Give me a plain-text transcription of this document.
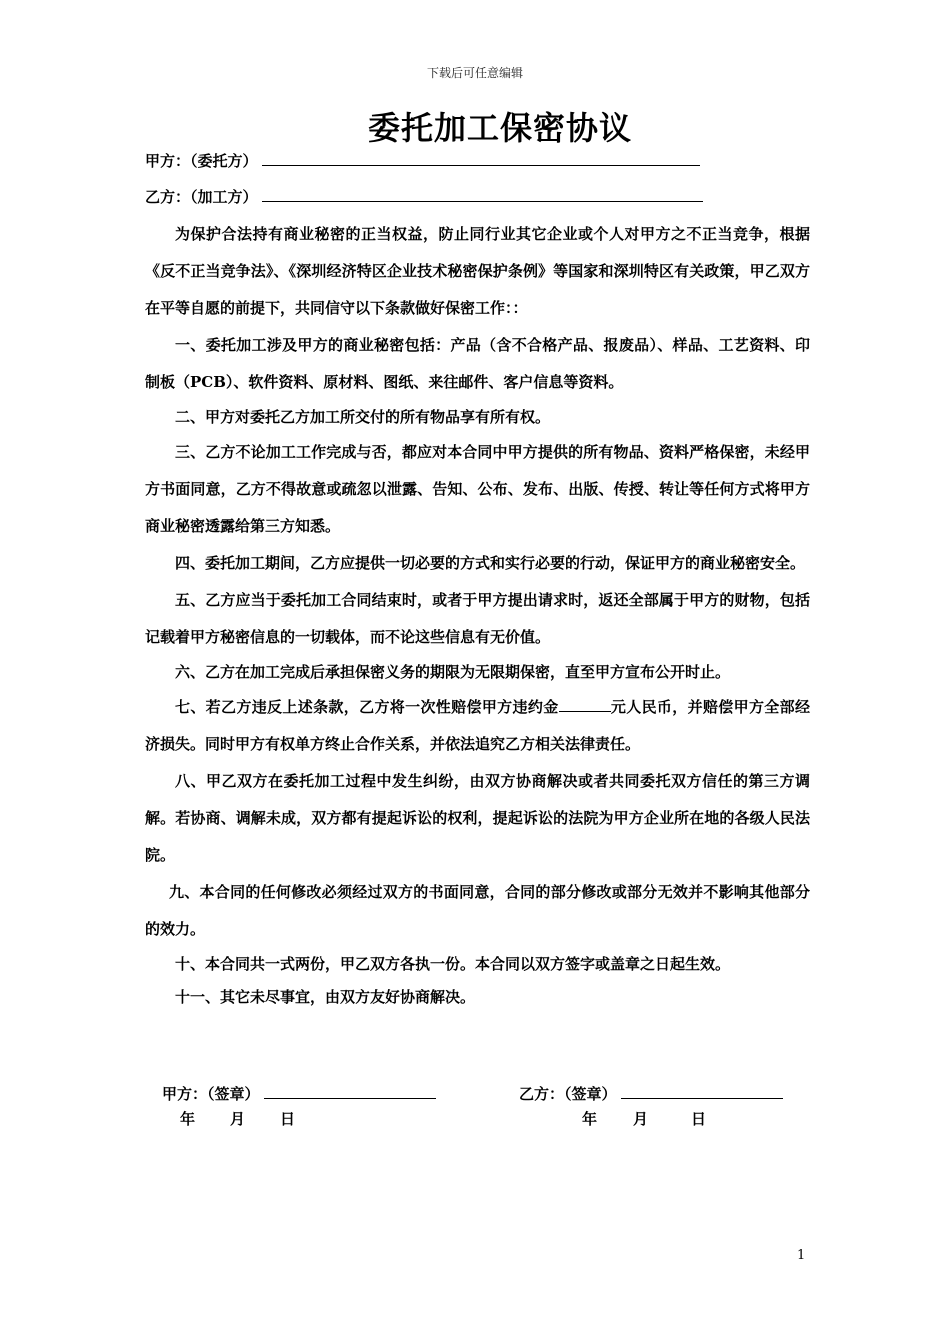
下载后可任意编辑
委托加工保密协议
甲方：（委托方）
乙方：（加工方）

为保护合法持有商业秘密的正当权益，防止同行业其它企业或个人对甲方之不正当竞争，根据《反不正当竞争法》、《深圳经济特区企业技术秘密保护条例》等国家和深圳特区有关政策，甲乙双方在平等自愿的前提下，共同信守以下条款做好保密工作：：

一、委托加工涉及甲方的商业秘密包括：产品（含不合格产品、报废品）、样品、工艺资料、印制板（PCB）、软件资料、原材料、图纸、来往邮件、客户信息等资料。

二、甲方对委托乙方加工所交付的所有物品享有所有权。

三、乙方不论加工工作完成与否，都应对本合同中甲方提供的所有物品、资料严格保密，未经甲方书面同意，乙方不得故意或疏忽以泄露、告知、公布、发布、出版、传授、转让等任何方式将甲方商业秘密透露给第三方知悉。

四、委托加工期间，乙方应提供一切必要的方式和实行必要的行动，保证甲方的商业秘密安全。

五、乙方应当于委托加工合同结束时，或者于甲方提出请求时，返还全部属于甲方的财物，包括记载着甲方秘密信息的一切载体，而不论这些信息有无价值。

六、乙方在加工完成后承担保密义务的期限为无限期保密，直至甲方宣布公开时止。

七、若乙方违反上述条款，乙方将一次性赔偿甲方违约金	元人民币，并赔偿甲方全部经济损失。同时甲方有权单方终止合作关系，并依法追究乙方相关法律责任。

八、甲乙双方在委托加工过程中发生纠纷，由双方协商解决或者共同委托双方信任的第三方调解。若协商、调解未成，双方都有提起诉讼的权利，提起诉讼的法院为甲方企业所在地的各级人民法院。

九、本合同的任何修改必须经过双方的书面同意，合同的部分修改或部分无效并不影响其他部分的效力。

十、本合同共一式两份，甲乙双方各执一份。本合同以双方签字或盖章之日起生效。

十一、其它未尽事宜，由双方友好协商解决。

甲方：（签章）	乙方：（签章）
年 月 日	年 月	日
1
